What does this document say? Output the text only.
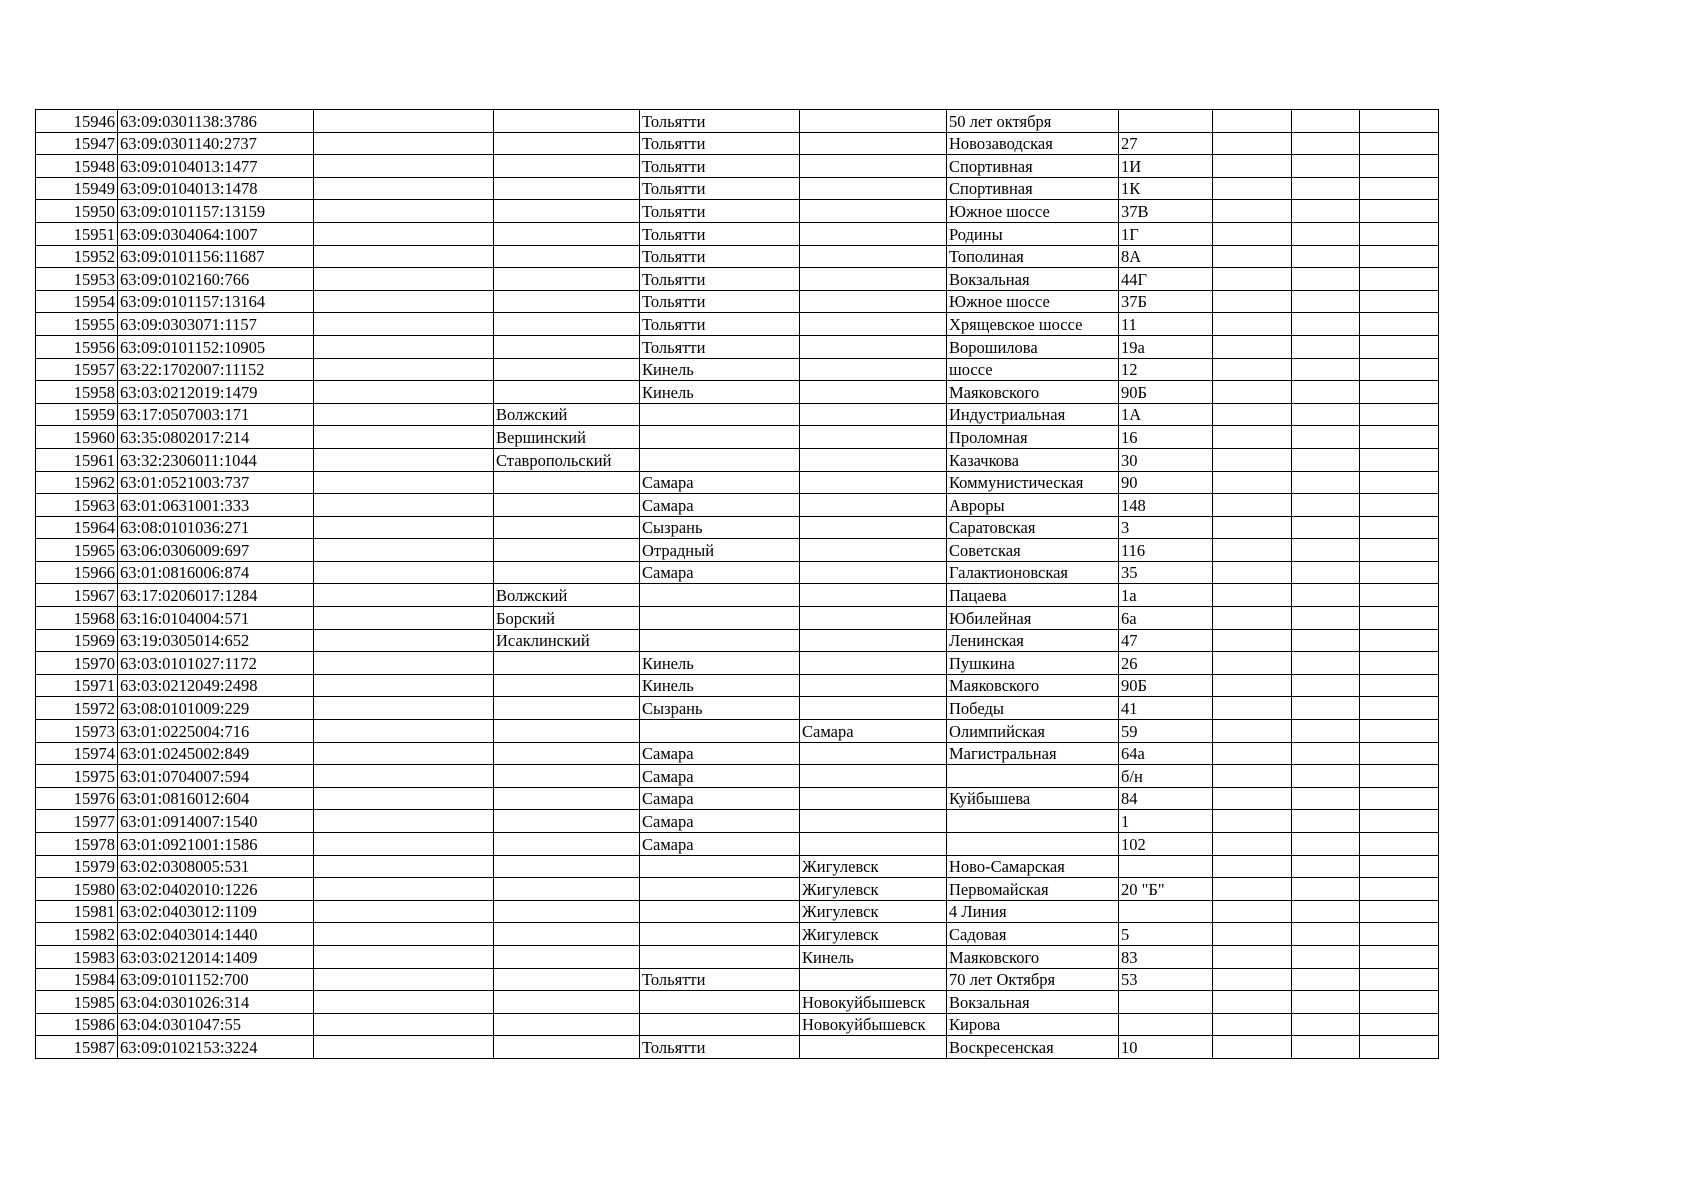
15946	63:09:0301138:3786			Тольятти		50 лет октября				
15947	63:09:0301140:2737			Тольятти		Новозаводская	27			
15948	63:09:0104013:1477			Тольятти		Спортивная	1И			
15949	63:09:0104013:1478			Тольятти		Спортивная	1К			
15950	63:09:0101157:13159			Тольятти		Южное шоссе	37В			
15951	63:09:0304064:1007			Тольятти		Родины	1Г			
15952	63:09:0101156:11687			Тольятти		Тополиная	8А			
15953	63:09:0102160:766			Тольятти		Вокзальная	44Г			
15954	63:09:0101157:13164			Тольятти		Южное шоссе	37Б			
15955	63:09:0303071:1157			Тольятти		Хрящевское шоссе	11			
15956	63:09:0101152:10905			Тольятти		Ворошилова	19а			
15957	63:22:1702007:11152			Кинель		шоссе	12			
15958	63:03:0212019:1479			Кинель		Маяковского	90Б			
15959	63:17:0507003:171		Волжский			Индустриальная	1А			
15960	63:35:0802017:214		Вершинский			Проломная	16			
15961	63:32:2306011:1044		Ставропольский			Казачкова	30			
15962	63:01:0521003:737			Самара		Коммунистическая	90			
15963	63:01:0631001:333			Самара		Авроры	148			
15964	63:08:0101036:271			Сызрань		Саратовская	3			
15965	63:06:0306009:697			Отрадный		Советская	116			
15966	63:01:0816006:874			Самара		Галактионовская	35			
15967	63:17:0206017:1284		Волжский			Пацаева	1а			
15968	63:16:0104004:571		Борский			Юбилейная	6а			
15969	63:19:0305014:652		Исаклинский			Ленинская	47			
15970	63:03:0101027:1172			Кинель		Пушкина	26			
15971	63:03:0212049:2498			Кинель		Маяковского	90Б			
15972	63:08:0101009:229			Сызрань		Победы	41			
15973	63:01:0225004:716				Самара	Олимпийская	59			
15974	63:01:0245002:849			Самара		Магистральная	64а			
15975	63:01:0704007:594			Самара			б/н			
15976	63:01:0816012:604			Самара		Куйбышева	84			
15977	63:01:0914007:1540			Самара			1			
15978	63:01:0921001:1586			Самара			102			
15979	63:02:0308005:531				Жигулевск	Ново-Самарская				
15980	63:02:0402010:1226				Жигулевск	Первомайская	20 "Б"			
15981	63:02:0403012:1109				Жигулевск	4 Линия				
15982	63:02:0403014:1440				Жигулевск	Садовая	5			
15983	63:03:0212014:1409				Кинель	Маяковского	83			
15984	63:09:0101152:700			Тольятти		70 лет Октября	53			
15985	63:04:0301026:314				Новокуйбышевск	Вокзальная				
15986	63:04:0301047:55				Новокуйбышевск	Кирова				
15987	63:09:0102153:3224			Тольятти		Воскресенская	10			
